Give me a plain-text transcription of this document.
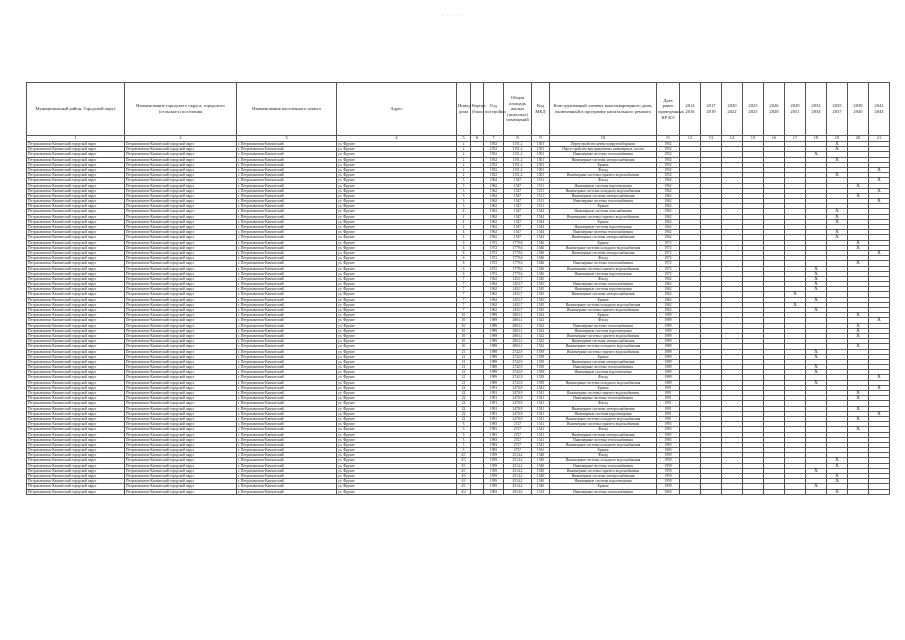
Муниципальный район, Городской округ	Наименование городского округа, городского (сельского) поселения	Наименование населенного пункта	Адрес	Номер дома	Корпус (блок)	Год постройки	Общая площадь жилых (нежилых) помещений	Код МКД	Конструктивный элемент многоквартирного дома, включенный в программу капитального ремонта	Дата ранее проведенных КР КЭ	2014 2016	2017 2019	2020 2022	2023 2025	2026 2028	2029 2031	2032 2034	2035 2037	2038 2040	2041 2043
1	2	3	4	5	6	7	8	9	10	11	12	13	14	15	16	17	18	19	20	21
Петропавловск-Камчатский городской округ	Петропавловск-Камчатский городской округ	г. Петропавловск-Камчатский	ул. Фрунзе	2		1952	1151,2	1501	Переустройство невентилируемой крыши	1952								X		
Петропавловск-Камчатский городской округ	Петропавловск-Камчатский городской округ	г. Петропавловск-Камчатский	ул. Фрунзе	2		1952	1151,2	1501	Переустройство внутридомовых инженерных систем	1952								X		
Петропавловск-Камчатский городской округ	Петропавловск-Камчатский городской округ	г. Петропавловск-Камчатский	ул. Фрунзе	2		1952	1151,2	1501	Инженерные системы теплоснабжения	1952							X			
Петропавловск-Камчатский городской округ	Петропавловск-Камчатский городской округ	г. Петропавловск-Камчатский	ул. Фрунзе	2		1952	1151,2	1501	Инженерные системы электроснабжения	1952								X		
Петропавловск-Камчатский городской округ	Петропавловск-Камчатский городской округ	г. Петропавловск-Камчатский	ул. Фрунзе	2		1952	1151,2	1501	Крыша	1952										
Петропавловск-Камчатский городской округ	Петропавловск-Камчатский городской округ	г. Петропавловск-Камчатский	ул. Фрунзе	2		1952	1151,2	1501	Фасад	1952										X
Петропавловск-Камчатский городской округ	Петропавловск-Камчатский городской округ	г. Петропавловск-Камчатский	ул. Фрунзе	2		1952	1151,2	1501	Инженерные системы горячего водоснабжения	1952								X		
Петропавловск-Камчатский городской округ	Петропавловск-Камчатский городской округ	г. Петропавловск-Камчатский	ул. Фрунзе	3		1962	1547	1511	Фасад	1962										X
Петропавловск-Камчатский городской округ	Петропавловск-Камчатский городской округ	г. Петропавловск-Камчатский	ул. Фрунзе	3		1962	1547	1511	Инженерные системы водоотведения	1962									X	
Петропавловск-Камчатский городской округ	Петропавловск-Камчатский городской округ	г. Петропавловск-Камчатский	ул. Фрунзе	3		1962	1547	1511	Инженерные системы холодного водоснабжения	1962										X
Петропавловск-Камчатский городской округ	Петропавловск-Камчатский городской округ	г. Петропавловск-Камчатский	ул. Фрунзе	3		1962	1547	1511	Инженерные системы электроснабжения	1962									X	
Петропавловск-Камчатский городской округ	Петропавловск-Камчатский городской округ	г. Петропавловск-Камчатский	ул. Фрунзе	3		1962	1547	1511	Инженерные системы теплоснабжения	1962										X
Петропавловск-Камчатский городской округ	Петропавловск-Камчатский городской округ	г. Петропавловск-Камчатский	ул. Фрунзе	3		1962	1547	1511	Крыша	1962										
Петропавловск-Камчатский городской округ	Петропавловск-Камчатский городской округ	г. Петропавловск-Камчатский	ул. Фрунзе	4		1962	1547	1544	Инженерные системы газоснабжения	1962								X		
Петропавловск-Камчатский городской округ	Петропавловск-Камчатский городской округ	г. Петропавловск-Камчатский	ул. Фрунзе	4		1962	1547	1544	Инженерные системы горячего водоснабжения	1962								X		
Петропавловск-Камчатский городской округ	Петропавловск-Камчатский городской округ	г. Петропавловск-Камчатский	ул. Фрунзе	4		1962	1547	1544	Крыша	1962								X		
Петропавловск-Камчатский городской округ	Петропавловск-Камчатский городской округ	г. Петропавловск-Камчатский	ул. Фрунзе	4		1962	1547	1544	Инженерные системы водоотведения	1962										
Петропавловск-Камчатский городской округ	Петропавловск-Камчатский городской округ	г. Петропавловск-Камчатский	ул. Фрунзе	4		1962	1547	1544	Инженерные системы теплоснабжения	1962								X		
Петропавловск-Камчатский городской округ	Петропавловск-Камчатский городской округ	г. Петропавловск-Камчатский	ул. Фрунзе	4		1962	1547	1544	Инженерные системы электроснабжения	1962								X		
Петропавловск-Камчатский городской округ	Петропавловск-Камчатский городской округ	г. Петропавловск-Камчатский	ул. Фрунзе	6		1972	1779,6	1546	Крыша	1972									X	
Петропавловск-Камчатский городской округ	Петропавловск-Камчатский городской округ	г. Петропавловск-Камчатский	ул. Фрунзе	6		1972	1779,6	1546	Инженерные системы холодного водоснабжения	1972									X	
Петропавловск-Камчатский городской округ	Петропавловск-Камчатский городской округ	г. Петропавловск-Камчатский	ул. Фрунзе	6		1972	1779,6	1546	Инженерные системы электроснабжения	1972										X
Петропавловск-Камчатский городской округ	Петропавловск-Камчатский городской округ	г. Петропавловск-Камчатский	ул. Фрунзе	6		1972	1779,6	1546	Фасад	1972										
Петропавловск-Камчатский городской округ	Петропавловск-Камчатский городской округ	г. Петропавловск-Камчатский	ул. Фрунзе	6		1972	1779,6	1546	Инженерные системы теплоснабжения	1972									X	
Петропавловск-Камчатский городской округ	Петропавловск-Камчатский городской округ	г. Петропавловск-Камчатский	ул. Фрунзе	6		1972	1779,6	1546	Инженерные системы горячего водоснабжения	1972							X			
Петропавловск-Камчатский городской округ	Петропавловск-Камчатский городской округ	г. Петропавловск-Камчатский	ул. Фрунзе	6		1972	1779,6	1546	Инженерные системы водоотведения	1972							X			
Петропавловск-Камчатский городской округ	Петропавловск-Камчатский городской округ	г. Петропавловск-Камчатский	ул. Фрунзе	7		1962	1452,7	1545	Фасад	1962							X			
Петропавловск-Камчатский городской округ	Петропавловск-Камчатский городской округ	г. Петропавловск-Камчатский	ул. Фрунзе	7		1962	1452,7	1545	Инженерные системы теплоснабжения	1962							X			
Петропавловск-Камчатский городской округ	Петропавловск-Камчатский городской округ	г. Петропавловск-Камчатский	ул. Фрунзе	7		1962	1452,7	1545	Инженерные системы водоотведения	1962							X			
Петропавловск-Камчатский городской округ	Петропавловск-Камчатский городской округ	г. Петропавловск-Камчатский	ул. Фрунзе	7		1962	1452,7	1545	Инженерные системы электроснабжения	1962						X				
Петропавловск-Камчатский городской округ	Петропавловск-Камчатский городской округ	г. Петропавловск-Камчатский	ул. Фрунзе	7		1962	1452,7	1545	Крыша	1962							X			
Петропавловск-Камчатский городской округ	Петропавловск-Камчатский городской округ	г. Петропавловск-Камчатский	ул. Фрунзе	7		1962	1452,7	1545	Инженерные системы холодного водоснабжения	1962						X				
Петропавловск-Камчатский городской округ	Петропавловск-Камчатский городской округ	г. Петропавловск-Камчатский	ул. Фрунзе	7		1962	1452,7	1545	Инженерные системы горячего водоснабжения	1962							X			
Петропавловск-Камчатский городской округ	Петропавловск-Камчатский городской округ	г. Петропавловск-Камчатский	ул. Фрунзе	10		1989	2863,1	1522	Крыша	1989									X	
Петропавловск-Камчатский городской округ	Петропавловск-Камчатский городской округ	г. Петропавловск-Камчатский	ул. Фрунзе	10		1989	2863,1	1522	Фасад	1989										X
Петропавловск-Камчатский городской округ	Петропавловск-Камчатский городской округ	г. Петропавловск-Камчатский	ул. Фрунзе	10		1989	2863,1	1522	Инженерные системы теплоснабжения	1989									X	
Петропавловск-Камчатский городской округ	Петропавловск-Камчатский городской округ	г. Петропавловск-Камчатский	ул. Фрунзе	10		1989	2863,1	1522	Инженерные системы водоотведения	1989									X	
Петропавловск-Камчатский городской округ	Петропавловск-Камчатский городской округ	г. Петропавловск-Камчатский	ул. Фрунзе	10		1989	2863,1	1522	Инженерные системы горячего водоснабжения	1989									X	
Петропавловск-Камчатский городской округ	Петропавловск-Камчатский городской округ	г. Петропавловск-Камчатский	ул. Фрунзе	10		1989	2863,1	1522	Инженерные системы электроснабжения	1989										
Петропавловск-Камчатский городской округ	Петропавловск-Камчатский городской округ	г. Петропавловск-Камчатский	ул. Фрунзе	10		1989	2863,1	1522	Инженерные системы холодного водоснабжения	1989									X	
Петропавловск-Камчатский городской округ	Петропавловск-Камчатский городской округ	г. Петропавловск-Камчатский	ул. Фрунзе	21		1989	2742,9	1539	Инженерные системы горячего водоснабжения	1989							X			
Петропавловск-Камчатский городской округ	Петропавловск-Камчатский городской округ	г. Петропавловск-Камчатский	ул. Фрунзе	21		1989	2742,9	1539	Крыша	1989							X			
Петропавловск-Камчатский городской округ	Петропавловск-Камчатский городской округ	г. Петропавловск-Камчатский	ул. Фрунзе	21		1989	2742,9	1539	Инженерные системы электроснабжения	1989										
Петропавловск-Камчатский городской округ	Петропавловск-Камчатский городской округ	г. Петропавловск-Камчатский	ул. Фрунзе	21		1989	2742,9	1539	Инженерные системы теплоснабжения	1989							X			
Петропавловск-Камчатский городской округ	Петропавловск-Камчатский городской округ	г. Петропавловск-Камчатский	ул. Фрунзе	21		1989	2742,9	1539	Инженерные системы водоотведения	1989							X			
Петропавловск-Камчатский городской округ	Петропавловск-Камчатский городской округ	г. Петропавловск-Камчатский	ул. Фрунзе	21		1989	2742,9	1539	Фасад	1989										X
Петропавловск-Камчатский городской округ	Петропавловск-Камчатский городской округ	г. Петропавловск-Камчатский	ул. Фрунзе	21		1989	2742,9	1539	Инженерные системы холодного водоснабжения	1989							X			
Петропавловск-Камчатский городской округ	Петропавловск-Камчатский городской округ	г. Петропавловск-Камчатский	ул. Фрунзе	22		1991	2470,9	1541	Крыша	1991										X
Петропавловск-Камчатский городской округ	Петропавловск-Камчатский городской округ	г. Петропавловск-Камчатский	ул. Фрунзе	22		1991	2470,9	1541	Инженерные системы горячего водоснабжения	1991									X	
Петропавловск-Камчатский городской округ	Петропавловск-Камчатский городской округ	г. Петропавловск-Камчатский	ул. Фрунзе	22		1991	2470,9	1541	Инженерные системы теплоснабжения	1991									X	
Петропавловск-Камчатский городской округ	Петропавловск-Камчатский городской округ	г. Петропавловск-Камчатский	ул. Фрунзе	22		1991	2470,9	1541	Фасад	1991										
Петропавловск-Камчатский городской округ	Петропавловск-Камчатский городской округ	г. Петропавловск-Камчатский	ул. Фрунзе	22		1991	2470,9	1541	Инженерные системы электроснабжения	1991									X	
Петропавловск-Камчатский городской округ	Петропавловск-Камчатский городской округ	г. Петропавловск-Камчатский	ул. Фрунзе	22		1991	2470,9	1541	Инженерные системы водоотведения	1991										X
Петропавловск-Камчатский городской округ	Петропавловск-Камчатский городской округ	г. Петропавловск-Камчатский	ул. Фрунзе	22		1991	2470,9	1541	Инженерные системы холодного водоснабжения	1991									X	
Петропавловск-Камчатский городской округ	Петропавловск-Камчатский городской округ	г. Петропавловск-Камчатский	ул. Фрунзе	3		1983	2727	1541	Инженерные системы горячего водоснабжения	1983										
Петропавловск-Камчатский городской округ	Петропавловск-Камчатский городской округ	г. Петропавловск-Камчатский	ул. Фрунзе	3		1983	2727	1541	Фасад	1983									X	
Петропавловск-Камчатский городской округ	Петропавловск-Камчатский городской округ	г. Петропавловск-Камчатский	ул. Фрунзе	3		1983	2727	1541	Инженерные системы электроснабжения	1983										
Петропавловск-Камчатский городской округ	Петропавловск-Камчатский городской округ	г. Петропавловск-Камчатский	ул. Фрунзе	3		1983	2727	1541	Инженерные системы теплоснабжения	1983										
Петропавловск-Камчатский городской округ	Петропавловск-Камчатский городской округ	г. Петропавловск-Камчатский	ул. Фрунзе	3		1983	2727	1541	Инженерные системы холодного водоснабжения	1983										
Петропавловск-Камчатский городской округ	Петропавловск-Камчатский городской округ	г. Петропавловск-Камчатский	ул. Фрунзе	3		1983	2727	1541	Крыша	1983										
Петропавловск-Камчатский городской округ	Петропавловск-Камчатский городской округ	г. Петропавловск-Камчатский	ул. Фрунзе	4/1		1959	2514,2	1540	Фасад	1959										
Петропавловск-Камчатский городской округ	Петропавловск-Камчатский городской округ	г. Петропавловск-Камчатский	ул. Фрунзе	4/1		1959	2514,2	1540	Инженерные системы холодного водоснабжения	1959								X		
Петропавловск-Камчатский городской округ	Петропавловск-Камчатский городской округ	г. Петропавловск-Камчатский	ул. Фрунзе	4/1		1959	2514,2	1540	Инженерные системы теплоснабжения	1959								X		
Петропавловск-Камчатский городской округ	Петропавловск-Камчатский городской округ	г. Петропавловск-Камчатский	ул. Фрунзе	4/1		1959	2514,2	1540	Инженерные системы горячего водоснабжения	1959							X			
Петропавловск-Камчатский городской округ	Петропавловск-Камчатский городской округ	г. Петропавловск-Камчатский	ул. Фрунзе	4/1		1959	2514,2	1540	Инженерные системы электроснабжения	1959								X		
Петропавловск-Камчатский городской округ	Петропавловск-Камчатский городской округ	г. Петропавловск-Камчатский	ул. Фрунзе	4/1		1959	2514,2	1540	Инженерные системы водоотведения	1959								X		
Петропавловск-Камчатский городской округ	Петропавловск-Камчатский городской округ	г. Петропавловск-Камчатский	ул. Фрунзе	4/1		1959	2514,2	1540	Крыша	1959							X			
Петропавловск-Камчатский городской округ	Петропавловск-Камчатский городской округ	г. Петропавловск-Камчатский	ул. Фрунзе	4/2		1963	2814,6	1514	Инженерные системы теплоснабжения	1963								X		
